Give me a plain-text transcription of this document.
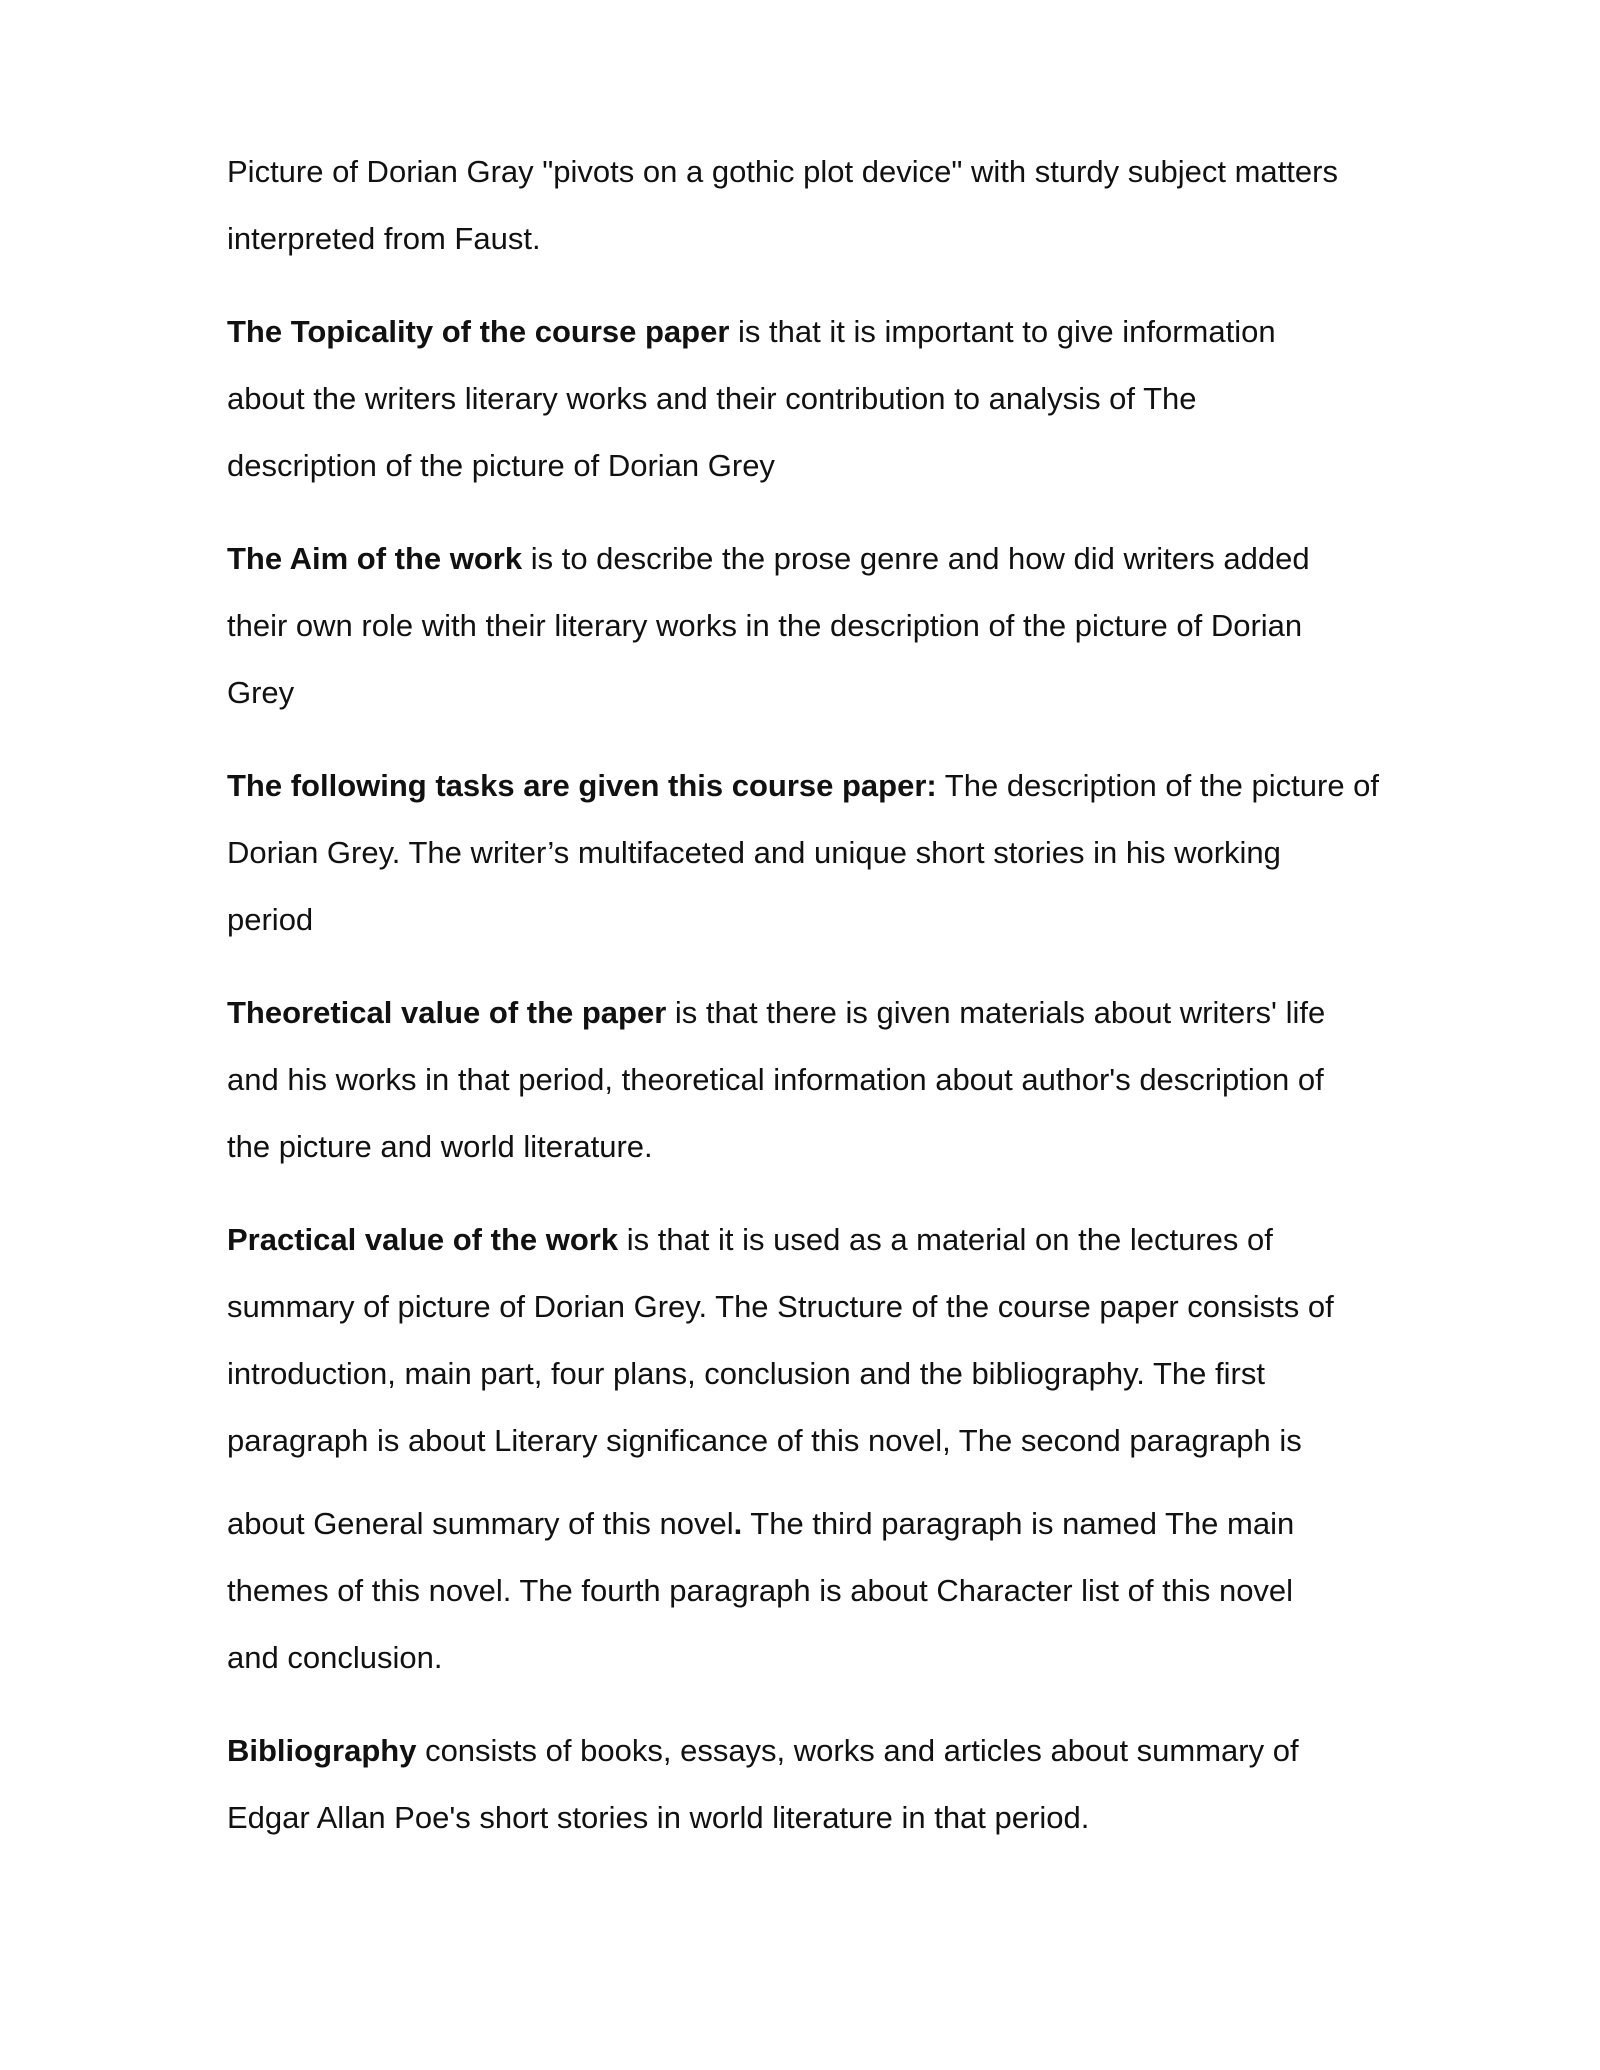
Picture of Dorian Gray "pivots on a gothic plot device" with sturdy subject matters
interpreted from Faust.

The Topicality of the course paper is that it is important to give information
about the writers literary works and their contribution to analysis of The
description of the picture of Dorian Grey

The Aim of the work is to describe the prose genre and how did writers added
their own role with their literary works in the description of the picture of Dorian
Grey

The following tasks are given this course paper: The description of the picture of
Dorian Grey. The writer’s multifaceted and unique short stories in his working
period

Theoretical value of the paper is that there is given materials about writers' life
and his works in that period, theoretical information about author's description of
the picture and world literature.

Practical value of the work is that it is used as a material on the lectures of
summary of picture of Dorian Grey. The Structure of the course paper consists of
introduction, main part, four plans, conclusion and the bibliography. The first
paragraph is about Literary significance of this novel, The second paragraph is
about General summary of this novel. The third paragraph is named The main
themes of this novel. The fourth paragraph is about Character list of this novel
and conclusion.

Bibliography consists of books, essays, works and articles about summary of
Edgar Allan Poe's short stories in world literature in that period.
